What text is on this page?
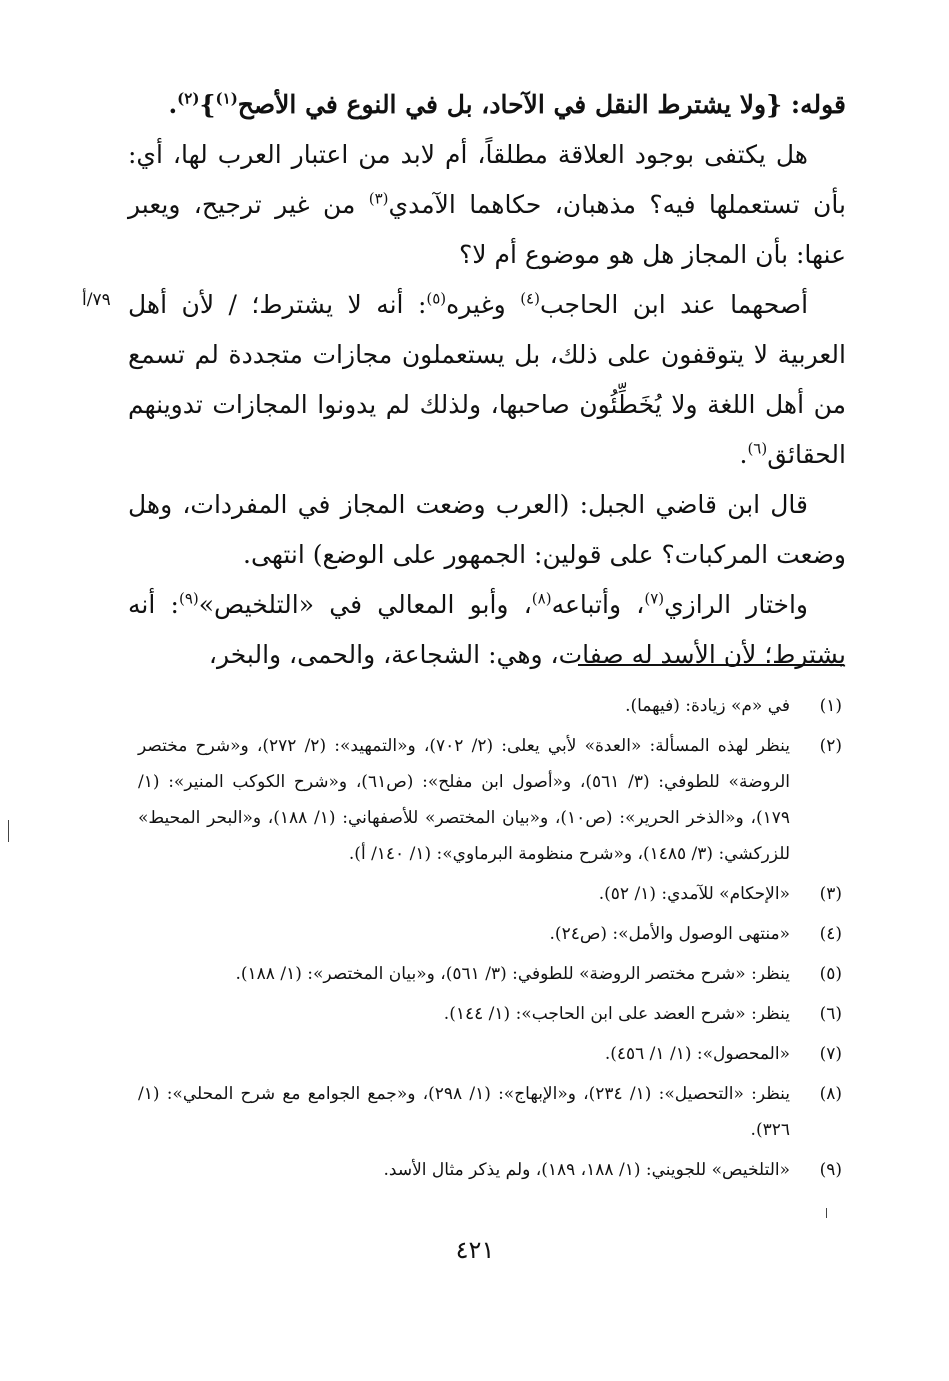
قوله: {ولا يشترط النقل في الآحاد، بل في النوع في الأصح$^{(١)}$}$^{(٢)}$.

هل يكتفى بوجود العلاقة مطلقاً، أم لابد من اعتبار العرب لها، أي: بأن تستعملها فيه؟ مذهبان، حكاهما الآمدي$^{(٣)}$ من غير ترجيح، ويعبر عنها: بأن المجاز هل هو موضوع أم لا؟

أصحهما عند ابن الحاجب$^{(٤)}$ وغيره$^{(٥)}$: أنه لا يشترط؛ / لأن أهل العربية لا يتوقفون على ذلك، بل يستعملون مجازات متجددة لم تسمع من أهل اللغة ولا يُخَطِّئُون صاحبها، ولذلك لم يدونوا المجازات تدوينهم الحقائق$^{(٦)}$.

قال ابن قاضي الجبل: (العرب وضعت المجاز في المفردات، وهل وضعت المركبات؟ على قولين: الجمهور على الوضع) انتهى.

واختار الرازي$^{(٧)}$، وأتباعه$^{(٨)}$، وأبو المعالي في «التلخيص»$^{(٩)}$: أنه يشترط؛ لأن الأسد له صفات، وهي: الشجاعة، والحمى، والبخر،

٧٩/أ
(١)
في «م» زيادة: (فيهما).
(٢)
ينظر لهذه المسألة: «العدة» لأبي يعلى: (٢/ ٧٠٢)، و«التمهيد»: (٢/ ٢٧٢)، و«شرح مختصر الروضة» للطوفي: (٣/ ٥٦١)، و«أصول ابن مفلح»: (ص٦١)، و«شرح الكوكب المنير»: (١/ ١٧٩)، و«الذخر الحرير»: (ص١٠)، و«بيان المختصر» للأصفهاني: (١/ ١٨٨)، و«البحر المحيط» للزركشي: (٣/ ١٤٨٥)، و«شرح منظومة البرماوي»: (١/ ١٤٠/ أ).
(٣)
«الإحكام» للآمدي: (١/ ٥٢).
(٤)
«منتهى الوصول والأمل»: (ص٢٤).
(٥)
ينظر: «شرح مختصر الروضة» للطوفي: (٣/ ٥٦١)، و«بيان المختصر»: (١/ ١٨٨).
(٦)
ينظر: «شرح العضد على ابن الحاجب»: (١/ ١٤٤).
(٧)
«المحصول»: (١/ ١/ ٤٥٦).
(٨)
ينظر: «التحصيل»: (١/ ٢٣٤)، و«الإبهاج»: (١/ ٢٩٨)، و«جمع الجوامع مع شرح المحلي»: (١/ ٣٢٦).
(٩)
«التلخيص» للجويني: (١/ ١٨٨، ١٨٩)، ولم يذكر مثال الأسد.
٤٢١
